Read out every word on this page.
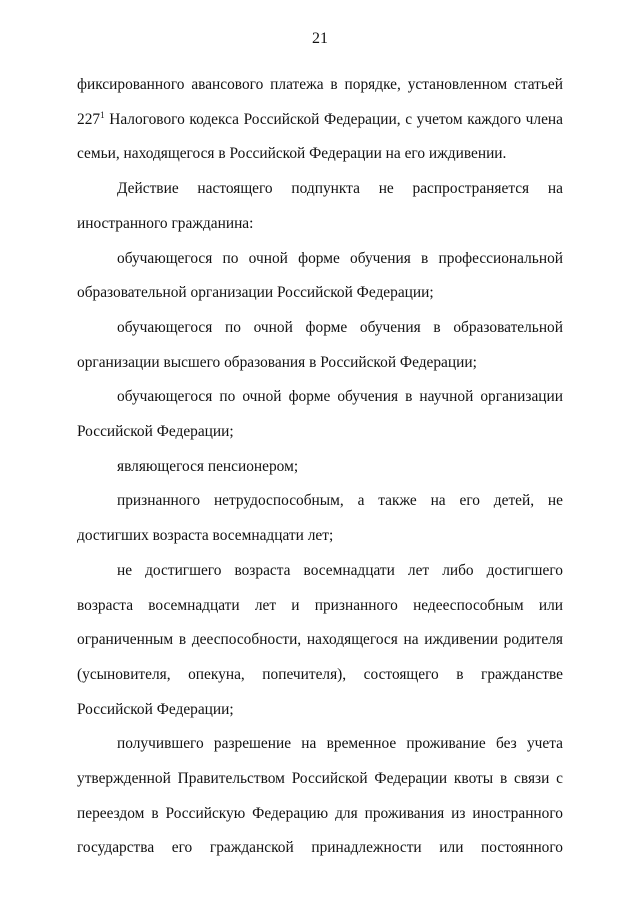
21

фиксированного авансового платежа в порядке, установленном статьей $227^1$ Налогового кодекса Российской Федерации, с учетом каждого члена семьи, находящегося в Российской Федерации на его иждивении.

Действие настоящего подпункта не распространяется на иностранного гражданина:

обучающегося по очной форме обучения в профессиональной образовательной организации Российской Федерации;

обучающегося по очной форме обучения в образовательной организации высшего образования в Российской Федерации;

обучающегося по очной форме обучения в научной организации Российской Федерации;

являющегося пенсионером;

признанного нетрудоспособным, а также на его детей, не достигших возраста восемнадцати лет;

не достигшего возраста восемнадцати лет либо достигшего возраста восемнадцати лет и признанного недееспособным или ограниченным в дееспособности, находящегося на иждивении родителя (усыновителя, опекуна, попечителя), состоящего в гражданстве Российской Федерации;

получившего разрешение на временное проживание без учета утвержденной Правительством Российской Федерации квоты в связи с переездом в Российскую Федерацию для проживания из иностранного государства его гражданской принадлежности или постоянного
